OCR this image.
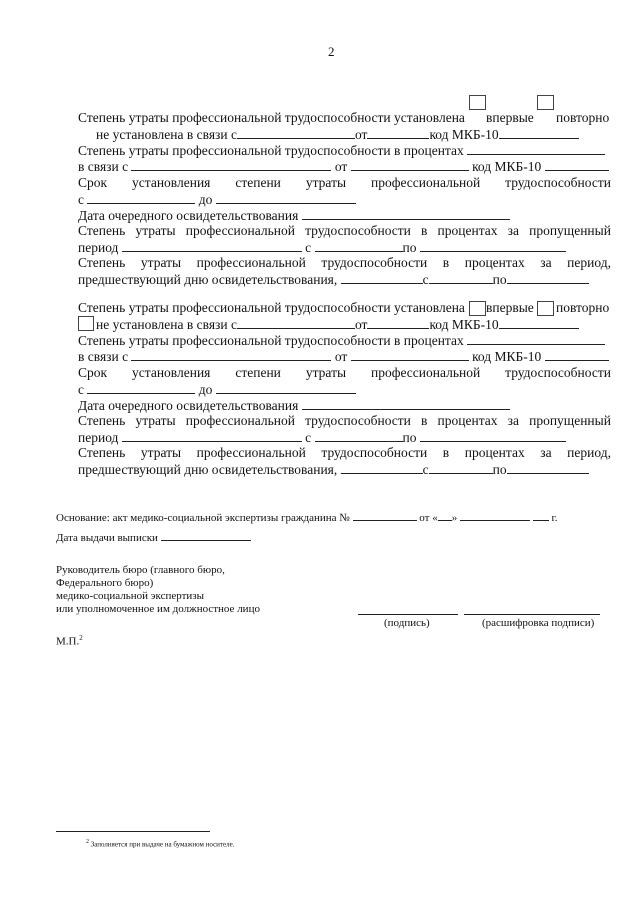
2
Степень утраты профессиональной трудоспособности установлена впервые повторно
не установлена в связи с	от	код МКБ-10
Степень утраты профессиональной трудоспособности в процентах
в связи с	от	код МКБ-10
Срок установления степени утраты профессиональной трудоспособности
с	до
Дата очередного освидетельствования
Степень утраты профессиональной трудоспособности в процентах за пропущенный
период	с	по
Степень утраты профессиональной трудоспособности в процентах за период,
предшествующий дню освидетельствования,	с	по
Степень утраты профессиональной трудоспособности установлена впервые повторно
не установлена в связи с	от	код МКБ-10
Степень утраты профессиональной трудоспособности в процентах
в связи с	от	код МКБ-10
Срок установления степени утраты профессиональной трудоспособности
с	до
Дата очередного освидетельствования
Степень утраты профессиональной трудоспособности в процентах за пропущенный
период	с	по
Степень утраты профессиональной трудоспособности в процентах за период,
предшествующий дню освидетельствования,	с	по
Основание: акт медико-социальной экспертизы гражданина №	от « »	г.
Дата выдачи выписки
Руководитель бюро (главного бюро,
Федерального бюро)
медико-социальной экспертизы
или уполномоченное им должностное лицо
(подпись)	(расшифровка подписи)
М.П.$^2$
$^2$ Заполняется при выдаче на бумажном носителе.
